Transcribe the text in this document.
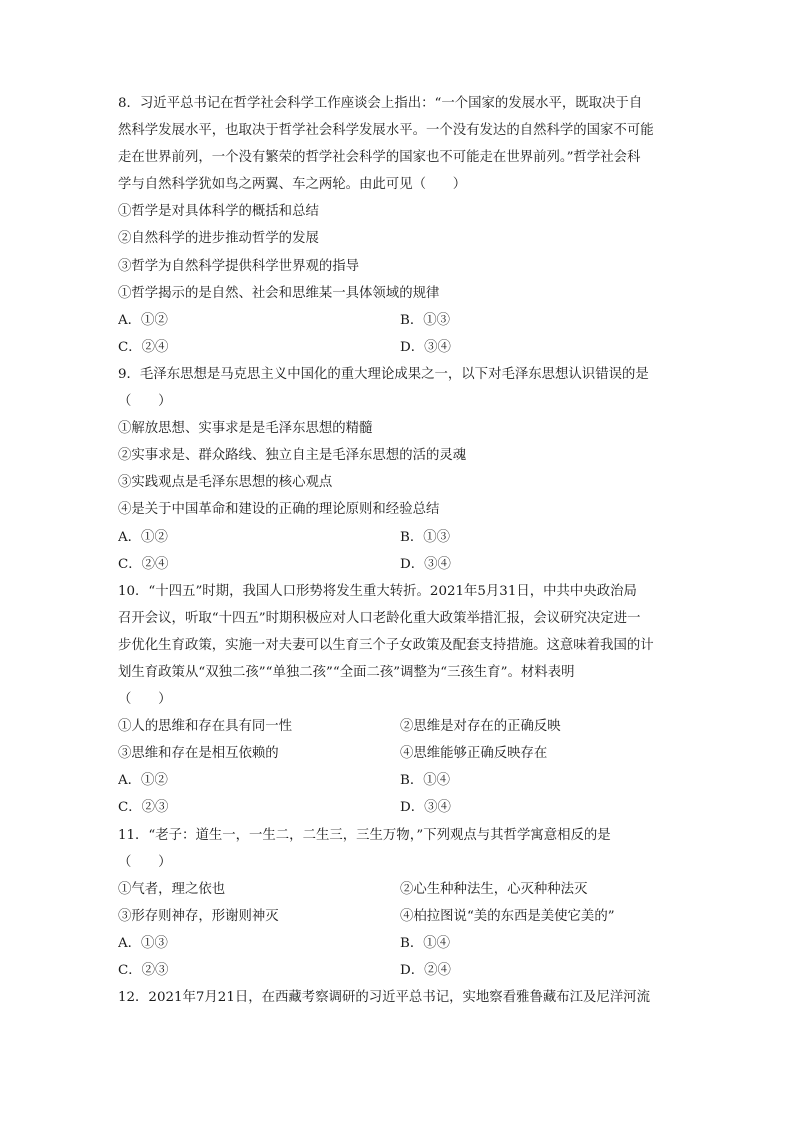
8．习近平总书记在哲学社会科学工作座谈会上指出：“一个国家的发展水平，既取决于自
然科学发展水平，也取决于哲学社会科学发展水平。一个没有发达的自然科学的国家不可能
走在世界前列，一个没有繁荣的哲学社会科学的国家也不可能走在世界前列。”哲学社会科
学与自然科学犹如鸟之两翼、车之两轮。由此可见（　　）
①哲学是对具体科学的概括和总结
②自然科学的进步推动哲学的发展
③哲学为自然科学提供科学世界观的指导
①哲学揭示的是自然、社会和思维某一具体领域的规律
A．①②	B．①③
C．②④	D．③④
9．毛泽东思想是马克思主义中国化的重大理论成果之一，以下对毛泽东思想认识错误的是
（　　）
①解放思想、实事求是是毛泽东思想的精髓
②实事求是、群众路线、独立自主是毛泽东思想的活的灵魂
③实践观点是毛泽东思想的核心观点
④是关于中国革命和建设的正确的理论原则和经验总结
A．①②	B．①③
C．②④	D．③④
10．“十四五”时期，我国人口形势将发生重大转折。2021年5月31日，中共中央政治局
召开会议，听取“十四五”时期积极应对人口老龄化重大政策举措汇报，会议研究决定进一
步优化生育政策，实施一对夫妻可以生育三个子女政策及配套支持措施。这意味着我国的计
划生育政策从“双独二孩”“单独二孩”“全面二孩”调整为“三孩生育”。材料表明
（　　）
①人的思维和存在具有同一性	②思维是对存在的正确反映
③思维和存在是相互依赖的	④思维能够正确反映存在
A．①②	B．①④
C．②③	D．③④
11．“老子：道生一，一生二，二生三，三生万物，”下列观点与其哲学寓意相反的是
（　　）
①气者，理之依也	②心生种种法生，心灭种种法灭
③形存则神存，形谢则神灭	④柏拉图说“美的东西是美使它美的”
A．①③	B．①④
C．②③	D．②④
12．2021年7月21日，在西藏考察调研的习近平总书记，实地察看雅鲁藏布江及尼洋河流
